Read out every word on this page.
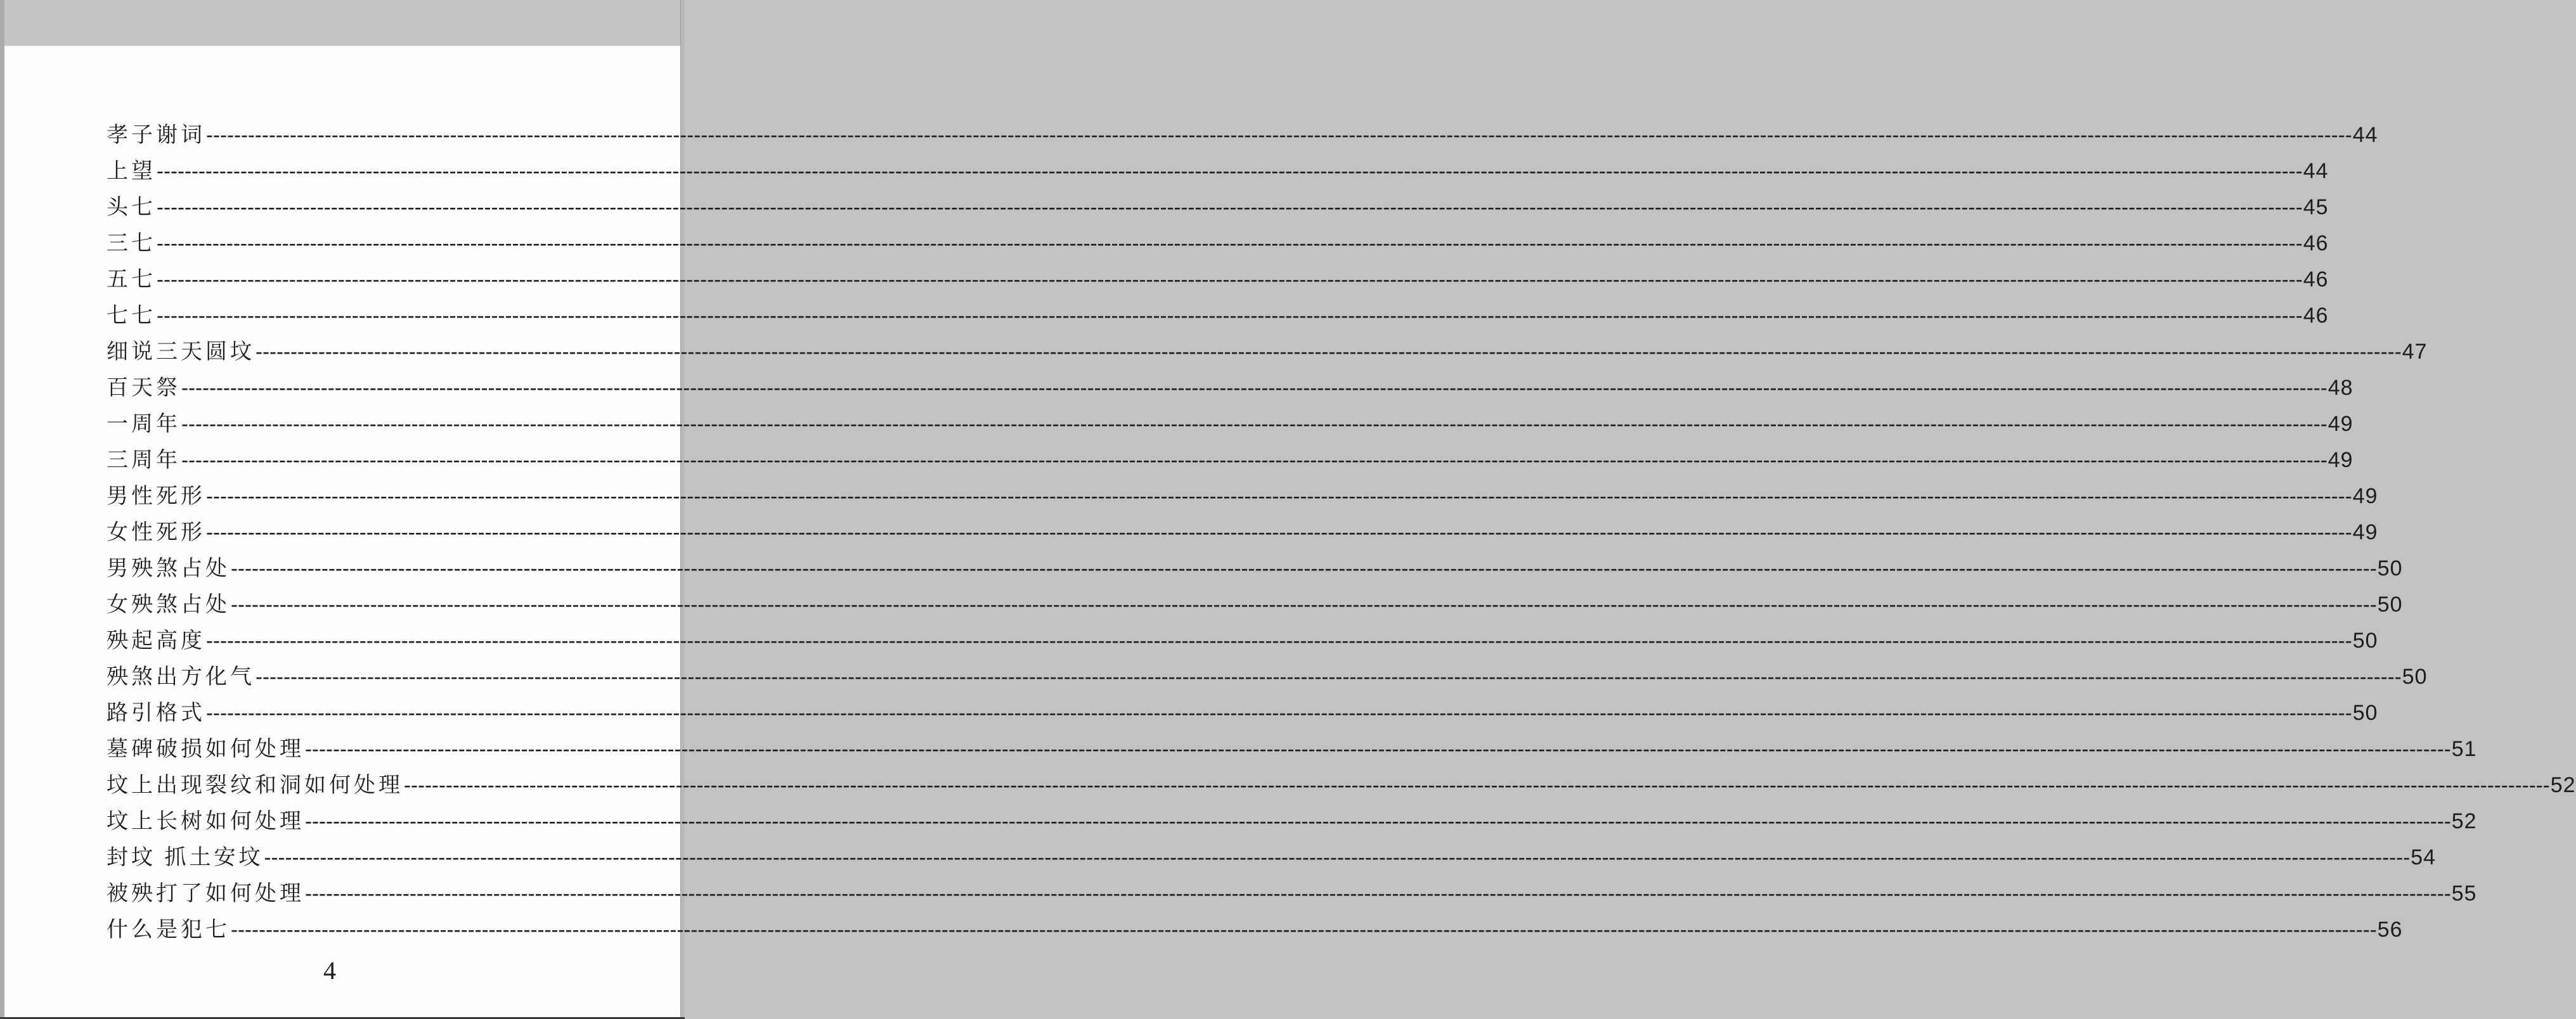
孝子谢词 -------------------------------------------------------------------------------------------------------------------------------------------------------------------------------------------------------------------------------------------------------------------------------------------------------------------- 44
上望 -------------------------------------------------------------------------------------------------------------------------------------------------------------------------------------------------------------------------------------------------------------------------------------------------------------------- 44
头七 -------------------------------------------------------------------------------------------------------------------------------------------------------------------------------------------------------------------------------------------------------------------------------------------------------------------- 45
三七 -------------------------------------------------------------------------------------------------------------------------------------------------------------------------------------------------------------------------------------------------------------------------------------------------------------------- 46
五七 -------------------------------------------------------------------------------------------------------------------------------------------------------------------------------------------------------------------------------------------------------------------------------------------------------------------- 46
七七 -------------------------------------------------------------------------------------------------------------------------------------------------------------------------------------------------------------------------------------------------------------------------------------------------------------------- 46
细说三天圆坟 -------------------------------------------------------------------------------------------------------------------------------------------------------------------------------------------------------------------------------------------------------------------------------------------------------------------- 47
百天祭 -------------------------------------------------------------------------------------------------------------------------------------------------------------------------------------------------------------------------------------------------------------------------------------------------------------------- 48
一周年 -------------------------------------------------------------------------------------------------------------------------------------------------------------------------------------------------------------------------------------------------------------------------------------------------------------------- 49
三周年 -------------------------------------------------------------------------------------------------------------------------------------------------------------------------------------------------------------------------------------------------------------------------------------------------------------------- 49
男性死形 -------------------------------------------------------------------------------------------------------------------------------------------------------------------------------------------------------------------------------------------------------------------------------------------------------------------- 49
女性死形 -------------------------------------------------------------------------------------------------------------------------------------------------------------------------------------------------------------------------------------------------------------------------------------------------------------------- 49
男殃煞占处 -------------------------------------------------------------------------------------------------------------------------------------------------------------------------------------------------------------------------------------------------------------------------------------------------------------------- 50
女殃煞占处 -------------------------------------------------------------------------------------------------------------------------------------------------------------------------------------------------------------------------------------------------------------------------------------------------------------------- 50
殃起高度 -------------------------------------------------------------------------------------------------------------------------------------------------------------------------------------------------------------------------------------------------------------------------------------------------------------------- 50
殃煞出方化气 -------------------------------------------------------------------------------------------------------------------------------------------------------------------------------------------------------------------------------------------------------------------------------------------------------------------- 50
路引格式 -------------------------------------------------------------------------------------------------------------------------------------------------------------------------------------------------------------------------------------------------------------------------------------------------------------------- 50
墓碑破损如何处理 -------------------------------------------------------------------------------------------------------------------------------------------------------------------------------------------------------------------------------------------------------------------------------------------------------------------- 51
坟上出现裂纹和洞如何处理 -------------------------------------------------------------------------------------------------------------------------------------------------------------------------------------------------------------------------------------------------------------------------------------------------------------------- 52
坟上长树如何处理 -------------------------------------------------------------------------------------------------------------------------------------------------------------------------------------------------------------------------------------------------------------------------------------------------------------------- 52
封坟 抓土安坟 -------------------------------------------------------------------------------------------------------------------------------------------------------------------------------------------------------------------------------------------------------------------------------------------------------------------- 54
被殃打了如何处理 -------------------------------------------------------------------------------------------------------------------------------------------------------------------------------------------------------------------------------------------------------------------------------------------------------------------- 55
什么是犯七 -------------------------------------------------------------------------------------------------------------------------------------------------------------------------------------------------------------------------------------------------------------------------------------------------------------------- 56
4
